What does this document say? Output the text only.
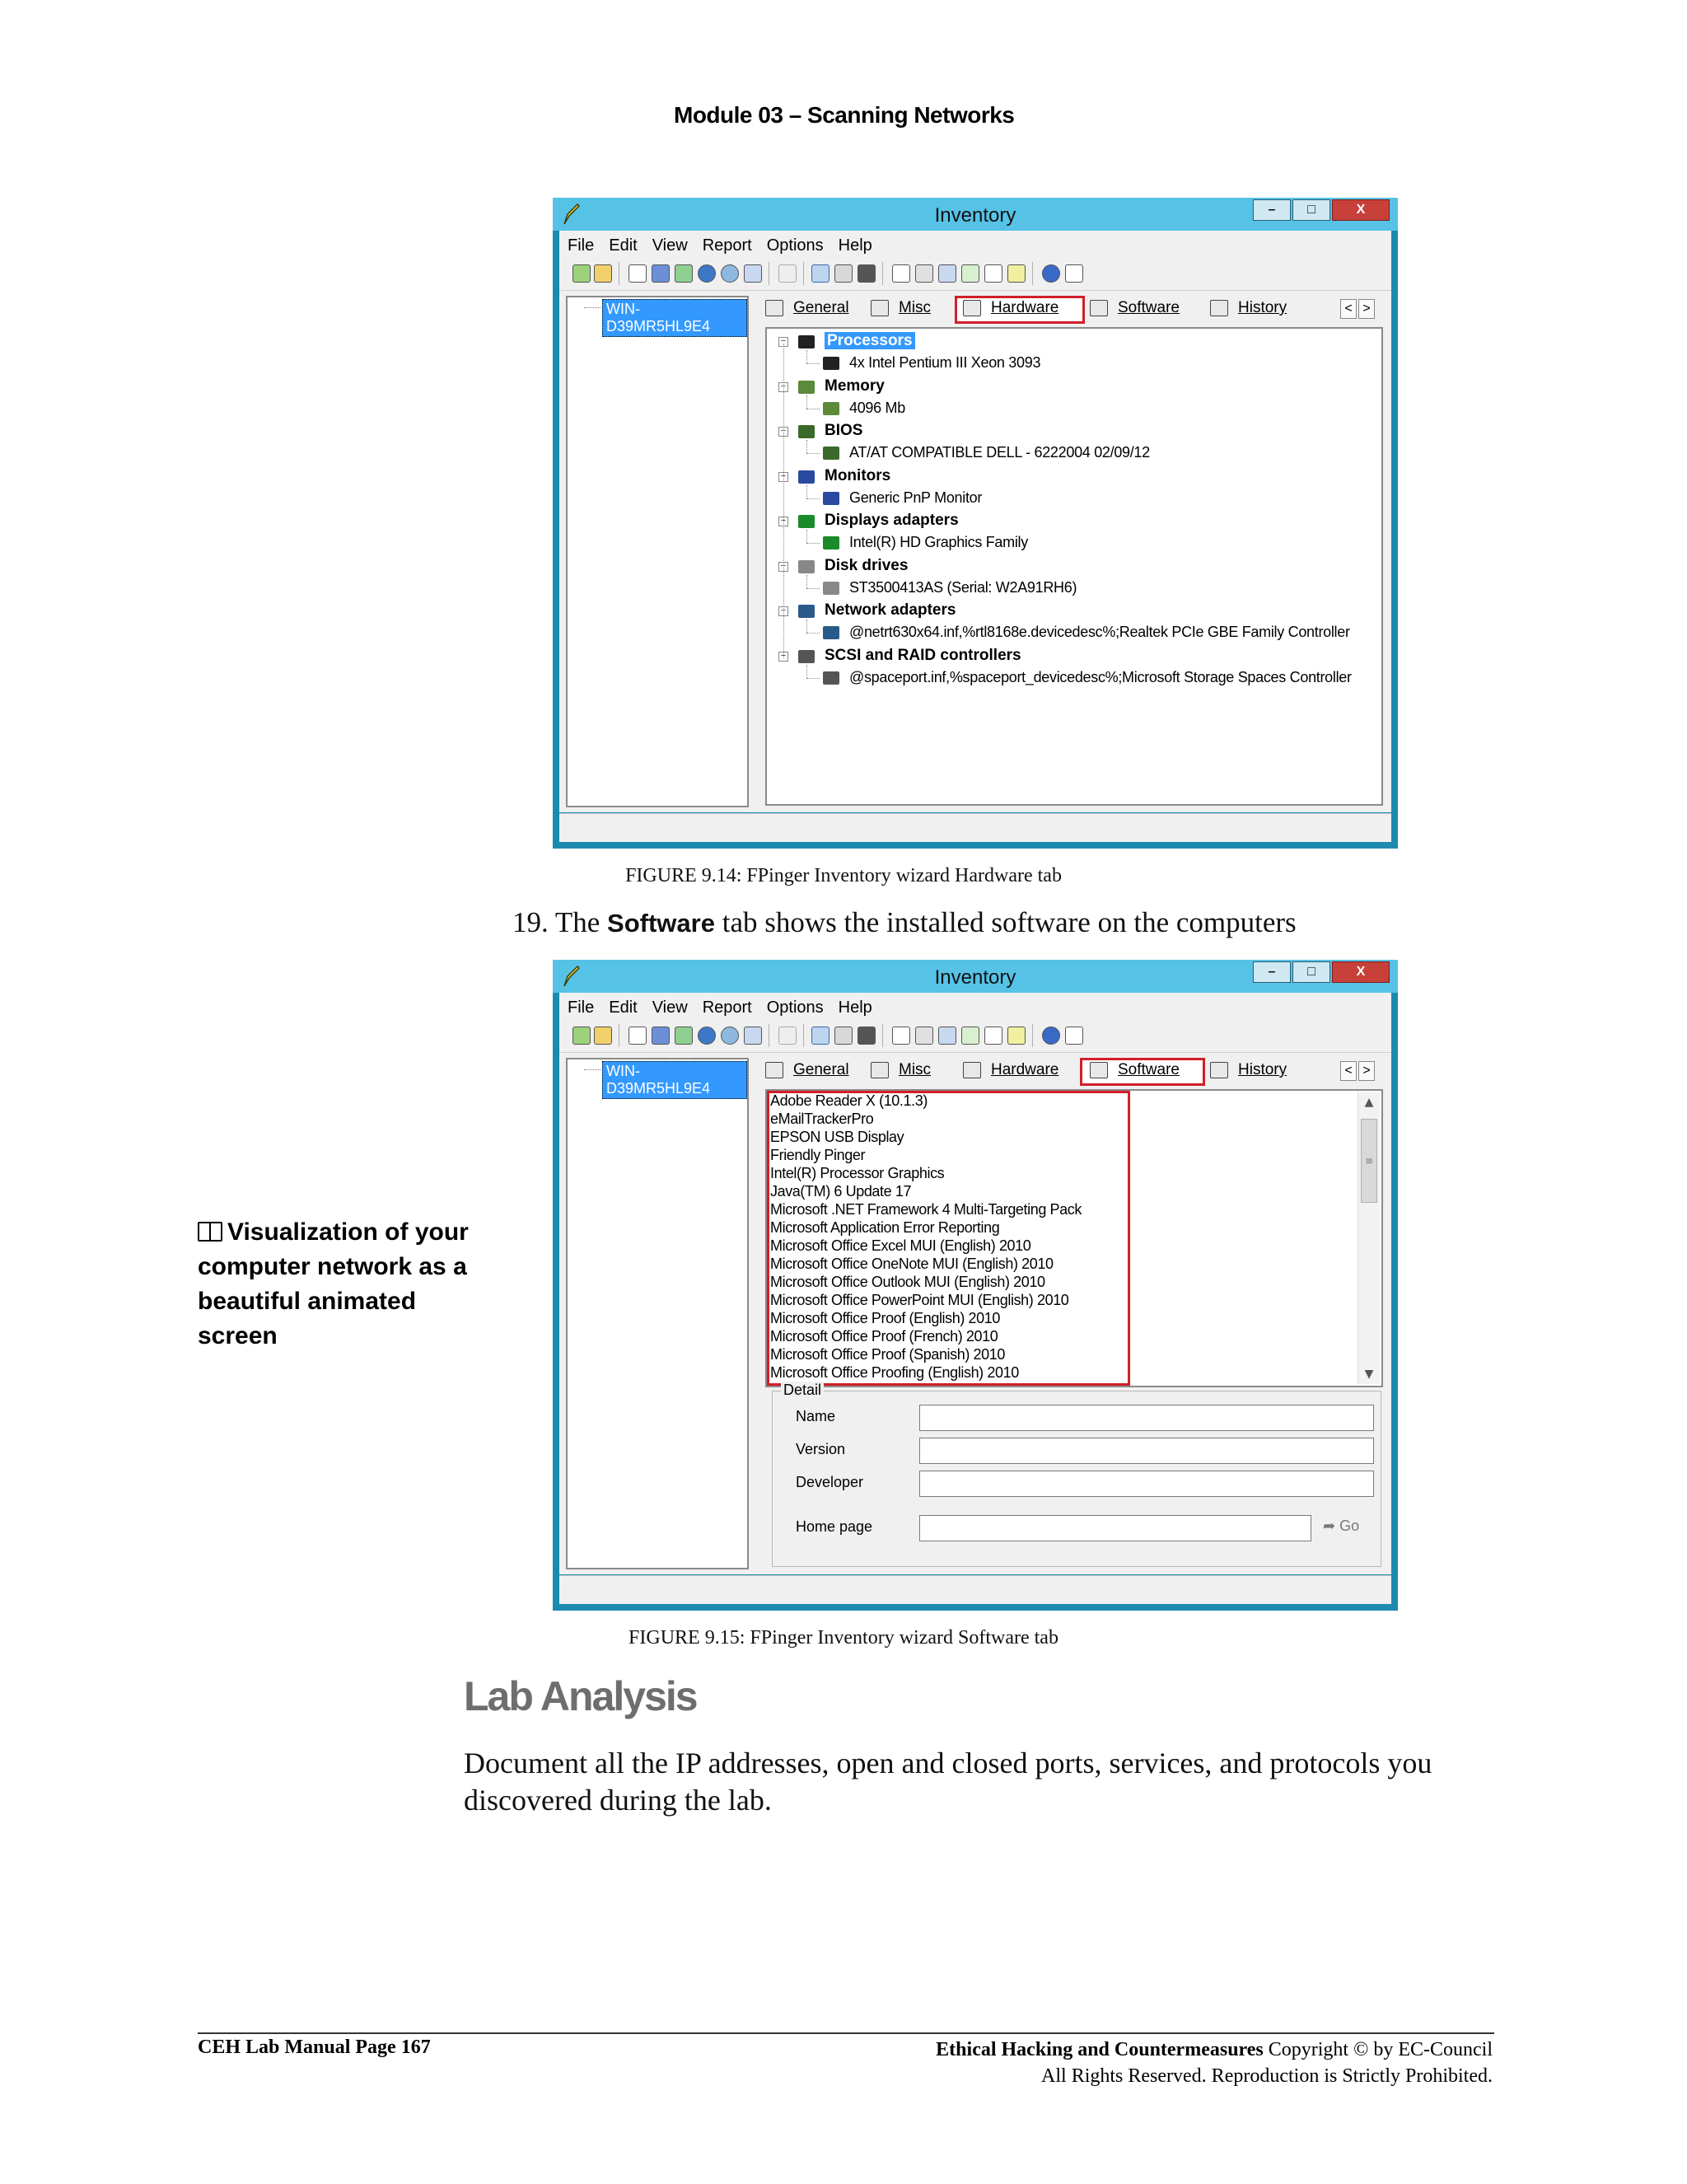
Module 03 – Scanning Networks
Inventory	–	□	X
File Edit View Report Options Help
WIN-D39MR5HL9E4
General	Misc	Hardware	Software	History	< >
−	Processors
4x Intel Pentium III Xeon 3093
− Memory
4096 Mb
− BIOS
AT/AT COMPATIBLE DELL - 6222004 02/09/12
− Monitors
Generic PnP Monitor
− Displays adapters
Intel(R) HD Graphics Family
− Disk drives
ST3500413AS (Serial: W2A91RH6)
− Network adapters
@netrt630x64.inf,%rtl8168e.devicedesc%;Realtek PCIe GBE Family Controller
− SCSI and RAID controllers
@spaceport.inf,%spaceport_devicedesc%;Microsoft Storage Spaces Controller
FIGURE 9.14: FPinger Inventory wizard Hardware tab
19. The Software tab shows the installed software on the computers
Inventory	–	□	X
File Edit View Report Options Help
WIN-D39MR5HL9E4
General	Misc	Hardware	Software	History	< >
Adobe Reader X (10.1.3)
eMailTrackerPro
EPSON USB Display
Friendly Pinger
Intel(R) Processor Graphics
Java(TM) 6 Update 17
Microsoft .NET Framework 4 Multi-Targeting Pack
Microsoft Application Error Reporting
Microsoft Office Excel MUI (English) 2010
Microsoft Office OneNote MUI (English) 2010
Microsoft Office Outlook MUI (English) 2010
Microsoft Office PowerPoint MUI (English) 2010
Microsoft Office Proof (English) 2010
Microsoft Office Proof (French) 2010
Microsoft Office Proof (Spanish) 2010
Microsoft Office Proofing (English) 2010
▲
≡
▼
Detail
Name
Version
Developer
Home page	➦ Go
FIGURE 9.15: FPinger Inventory wizard Software tab
Visualization of your computer network as a beautiful animated screen
Lab Analysis
Document all the IP addresses, open and closed ports, services, and protocols you discovered during the lab.
CEH Lab Manual Page 167	Ethical Hacking and Countermeasures Copyright © by EC-Council
All Rights Reserved. Reproduction is Strictly Prohibited.
